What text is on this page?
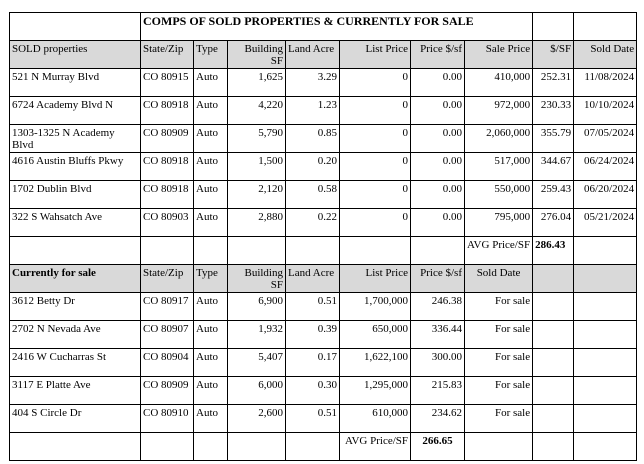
	COMPS OF SOLD PROPERTIES & CURRENTLY FOR SALE								
SOLD properties	State/Zip	Type	Building SF	Land Acre	List Price	Price $/sf	Sale Price	$/SF	Sold Date
521 N Murray Blvd	CO 80915	Auto	1,625	3.29	0	0.00	410,000	252.31	11/08/2024
6724 Academy Blvd N	CO 80918	Auto	4,220	1.23	0	0.00	972,000	230.33	10/10/2024
1303-1325 N Academy Blvd	CO 80909	Auto	5,790	0.85	0	0.00	2,060,000	355.79	07/05/2024
4616 Austin Bluffs Pkwy	CO 80918	Auto	1,500	0.20	0	0.00	517,000	344.67	06/24/2024
1702 Dublin Blvd	CO 80918	Auto	2,120	0.58	0	0.00	550,000	259.43	06/20/2024
322 S Wahsatch Ave	CO 80903	Auto	2,880	0.22	0	0.00	795,000	276.04	05/21/2024
							AVG Price/SF	286.43	
Currently for sale	State/Zip	Type	Building SF	Land Acre	List Price	Price $/sf	Sold Date		
3612 Betty Dr	CO 80917	Auto	6,900	0.51	1,700,000	246.38	For sale		
2702 N Nevada Ave	CO 80907	Auto	1,932	0.39	650,000	336.44	For sale		
2416 W Cucharras St	CO 80904	Auto	5,407	0.17	1,622,100	300.00	For sale		
3117 E Platte Ave	CO 80909	Auto	6,000	0.30	1,295,000	215.83	For sale		
404 S Circle Dr	CO 80910	Auto	2,600	0.51	610,000	234.62	For sale		
					AVG Price/SF	266.65			
